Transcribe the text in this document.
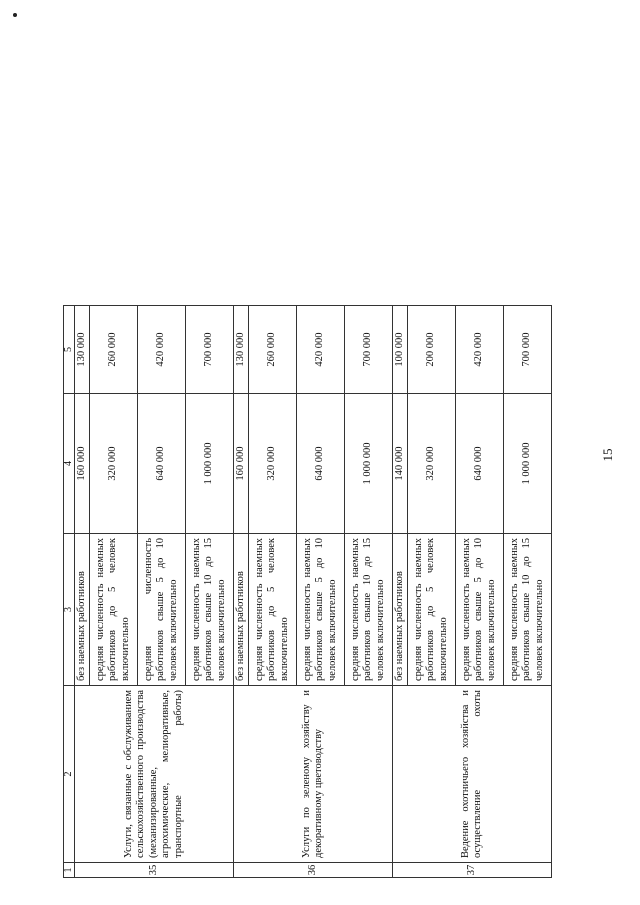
15
1	2	3	4	5
35	Услуги, связанные с обслуживанием сельскохозяйственного производства (механизированные, агрохимические, мелиоративные, транспортные работы)	без наемных работников	160 000	130 000
		средняя численность наемных работников до 5 человек включительно	320 000	260 000
		средняя численность работников свыше 5 до 10 человек включительно	640 000	420 000
		средняя численность наемных работников свыше 10 до 15 человек включительно	1 000 000	700 000
36	Услуги по зеленому хозяйству и декоративному цветоводству	без наемных работников	160 000	130 000
		средняя численность наемных работников до 5 человек включительно	320 000	260 000
		средняя численность наемных работников свыше 5 до 10 человек включительно	640 000	420 000
		средняя численность наемных работников свыше 10 до 15 человек включительно	1 000 000	700 000
37	Ведение охотничьего хозяйства и осуществление охоты	без наемных работников	140 000	100 000
		средняя численность наемных работников до 5 человек включительно	320 000	200 000
		средняя численность наемных работников свыше 5 до 10 человек включительно	640 000	420 000
		средняя численность наемных работников свыше 10 до 15 человек включительно	1 000 000	700 000
